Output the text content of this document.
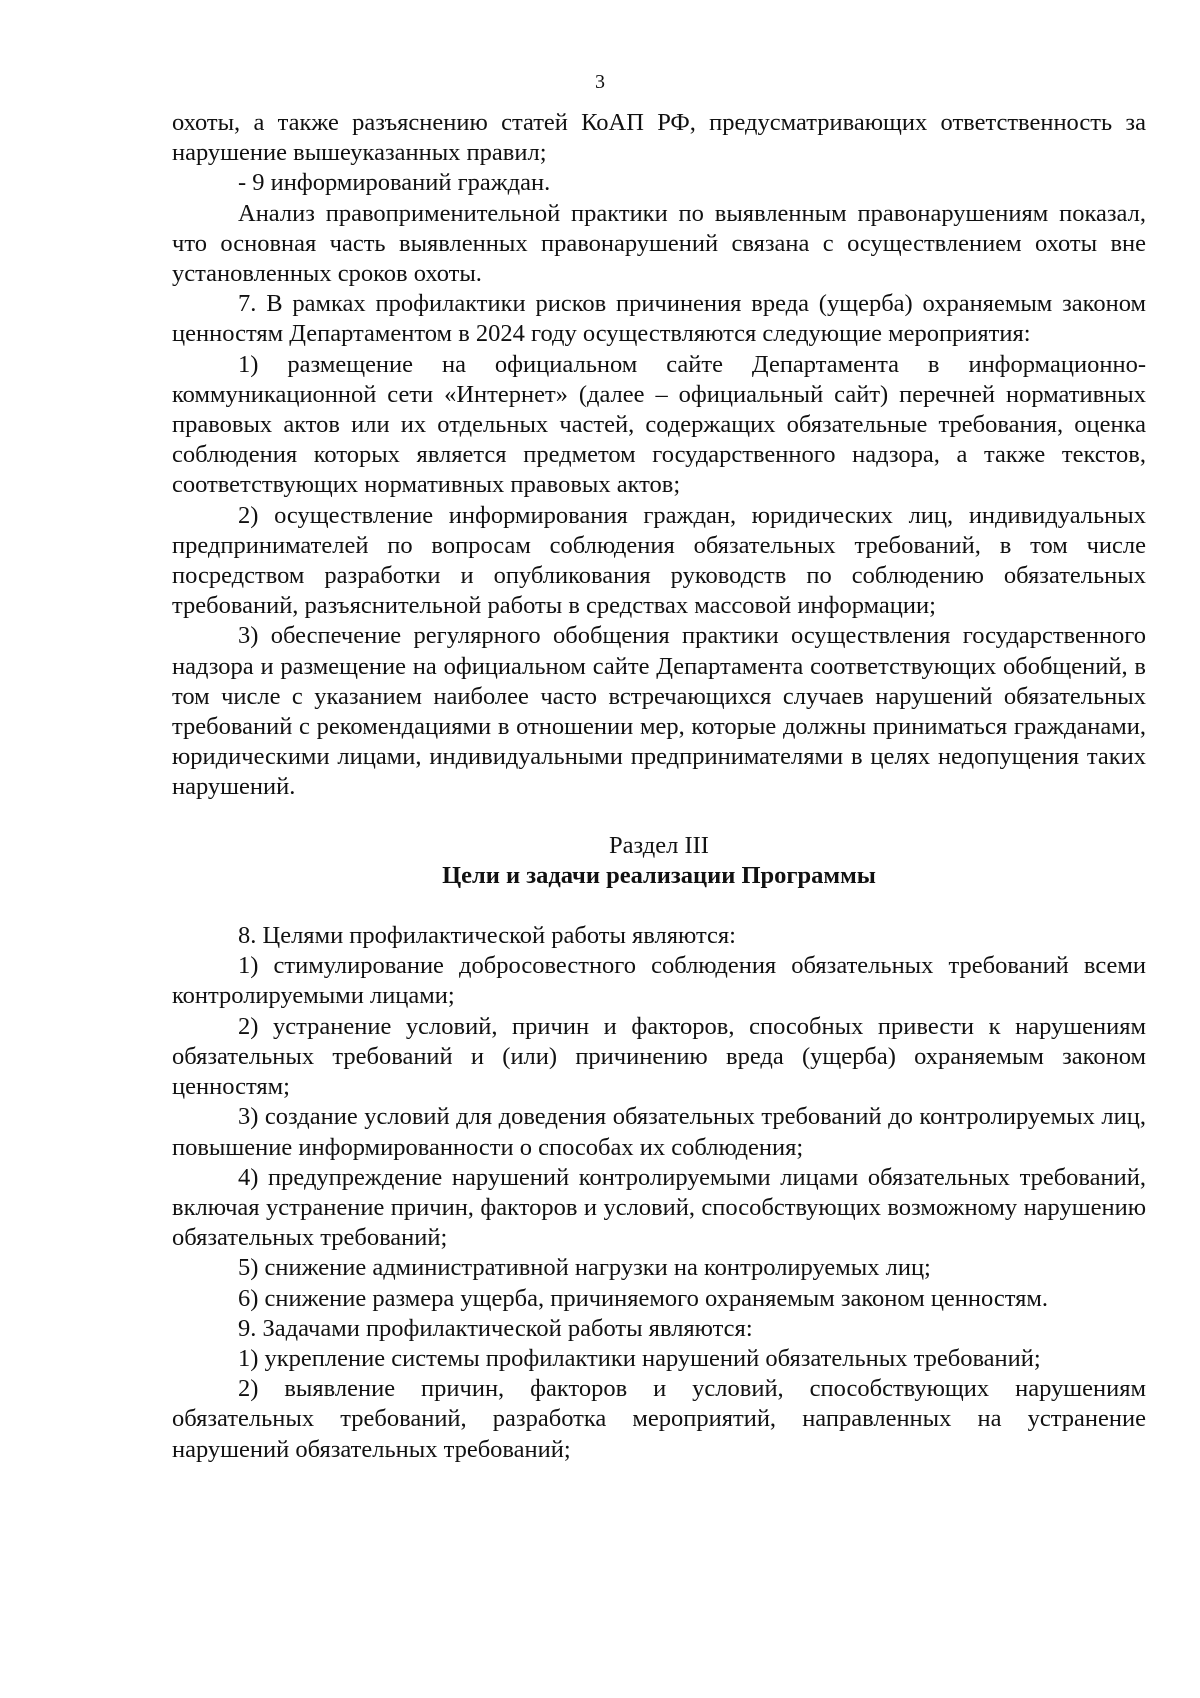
3

охоты, а также разъяснению статей КоАП РФ, предусматривающих ответственность за нарушение вышеуказанных правил;

- 9 информирований граждан.

Анализ правоприменительной практики по выявленным правонарушениям показал, что основная часть выявленных правонарушений связана с осуществлением охоты вне установленных сроков охоты.

7. В рамках профилактики рисков причинения вреда (ущерба) охраняемым законом ценностям Департаментом в 2024 году осуществляются следующие мероприятия:

1) размещение на официальном сайте Департамента в информационно-коммуникационной сети «Интернет» (далее – официальный сайт) перечней нормативных правовых актов или их отдельных частей, содержащих обязательные требования, оценка соблюдения которых является предметом государственного надзора, а также текстов, соответствующих нормативных правовых актов;

2) осуществление информирования граждан, юридических лиц, индивидуальных предпринимателей по вопросам соблюдения обязательных требований, в том числе посредством разработки и опубликования руководств по соблюдению обязательных требований, разъяснительной работы в средствах массовой информации;

3) обеспечение регулярного обобщения практики осуществления государственного надзора и размещение на официальном сайте Департамента соответствующих обобщений, в том числе с указанием наиболее часто встречающихся случаев нарушений обязательных требований с рекомендациями в отношении мер, которые должны приниматься гражданами, юридическими лицами, индивидуальными предпринимателями в целях недопущения таких нарушений.

Раздел III

Цели и задачи реализации Программы

8. Целями профилактической работы являются:

1) стимулирование добросовестного соблюдения обязательных требований всеми контролируемыми лицами;

2) устранение условий, причин и факторов, способных привести к нарушениям обязательных требований и (или) причинению вреда (ущерба) охраняемым законом ценностям;

3) создание условий для доведения обязательных требований до контролируемых лиц, повышение информированности о способах их соблюдения;

4) предупреждение нарушений контролируемыми лицами обязательных требований, включая устранение причин, факторов и условий, способствующих возможному нарушению обязательных требований;

5) снижение административной нагрузки на контролируемых лиц;

6) снижение размера ущерба, причиняемого охраняемым законом ценностям.

9. Задачами профилактической работы являются:

1) укрепление системы профилактики нарушений обязательных требований;

2) выявление причин, факторов и условий, способствующих нарушениям обязательных требований, разработка мероприятий, направленных на устранение нарушений обязательных требований;
